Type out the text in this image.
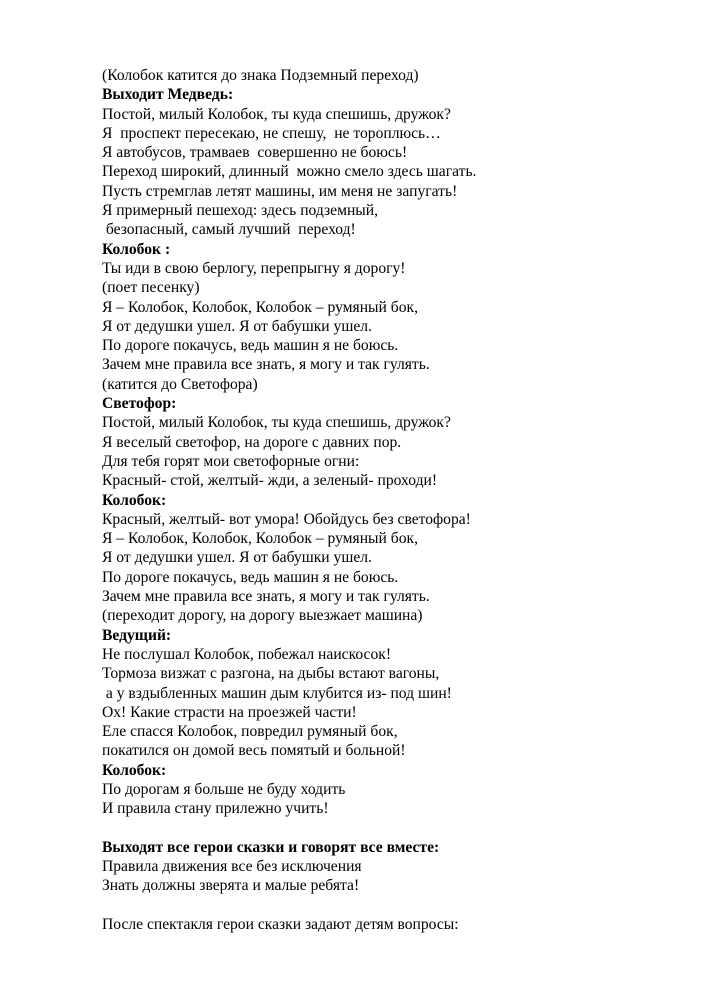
(Колобок катится до знака Подземный переход)
Выходит Медведь:
Постой, милый Колобок, ты куда спешишь, дружок?
Я  проспект пересекаю, не спешу,  не тороплюсь…
Я автобусов, трамваев  совершенно не боюсь!
Переход широкий, длинный  можно смело здесь шагать.
Пусть стремглав летят машины, им меня не запугать!
Я примерный пешеход: здесь подземный,
безопасный, самый лучший  переход!
Колобок :
Ты иди в свою берлогу, перепрыгну я дорогу!
(поет песенку)
Я – Колобок, Колобок, Колобок – румяный бок,
Я от дедушки ушел. Я от бабушки ушел.
По дороге покачусь, ведь машин я не боюсь.
Зачем мне правила все знать, я могу и так гулять.
(катится до Светофора)
Светофор:
Постой, милый Колобок, ты куда спешишь, дружок?
Я веселый светофор, на дороге с давних пор.
Для тебя горят мои светофорные огни:
Красный- стой, желтый- жди, а зеленый- проходи!
Колобок:
Красный, желтый- вот умора! Обойдусь без светофора!
Я – Колобок, Колобок, Колобок – румяный бок,
Я от дедушки ушел. Я от бабушки ушел.
По дороге покачусь, ведь машин я не боюсь.
Зачем мне правила все знать, я могу и так гулять.
(переходит дорогу, на дорогу выезжает машина)
Ведущий:
Не послушал Колобок, побежал наискосок!
Тормоза визжат с разгона, на дыбы встают вагоны,
а у вздыбленных машин дым клубится из- под шин!
Ох! Какие страсти на проезжей части!
Еле спасся Колобок, повредил румяный бок,
покатился он домой весь помятый и больной!
Колобок:
По дорогам я больше не буду ходить
И правила стану прилежно учить!
Выходят все герои сказки и говорят все вместе:
Правила движения все без исключения
Знать должны зверята и малые ребята!
После спектакля герои сказки задают детям вопросы:
